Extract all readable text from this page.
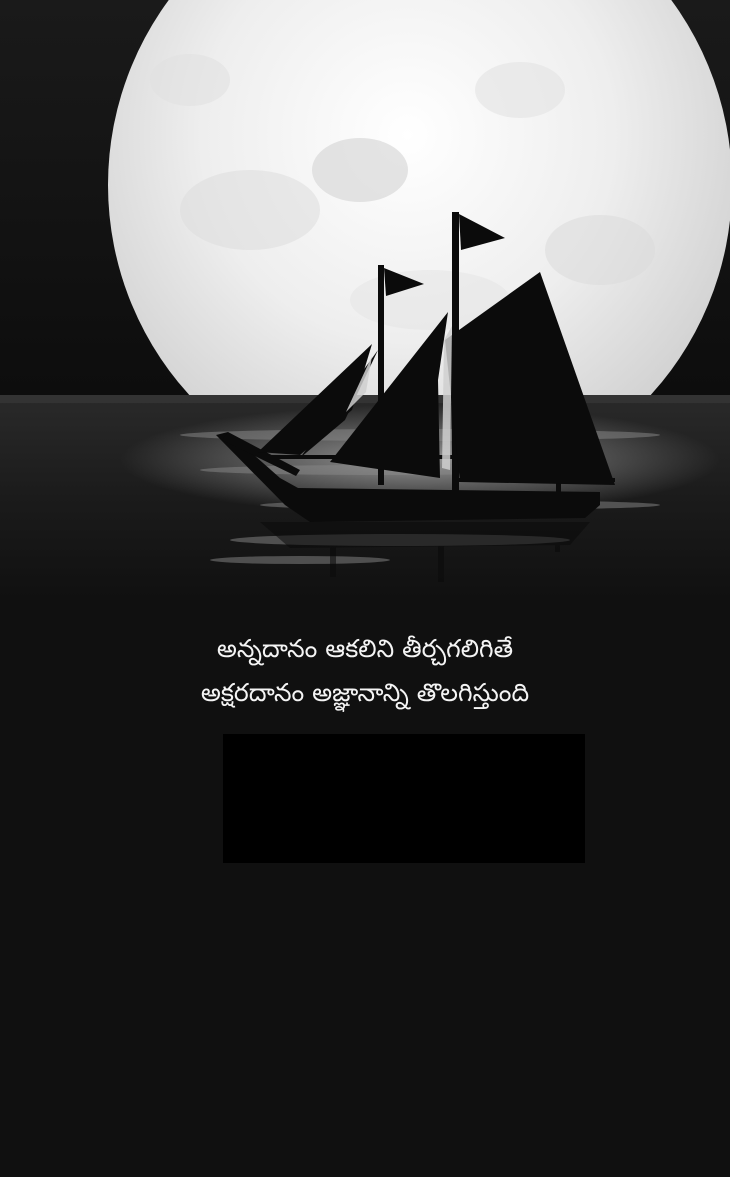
అన్నదానం ఆకలిని తీర్చగలిగితే
అక్షరదానం అజ్ఞానాన్ని తొలగిస్తుంది
